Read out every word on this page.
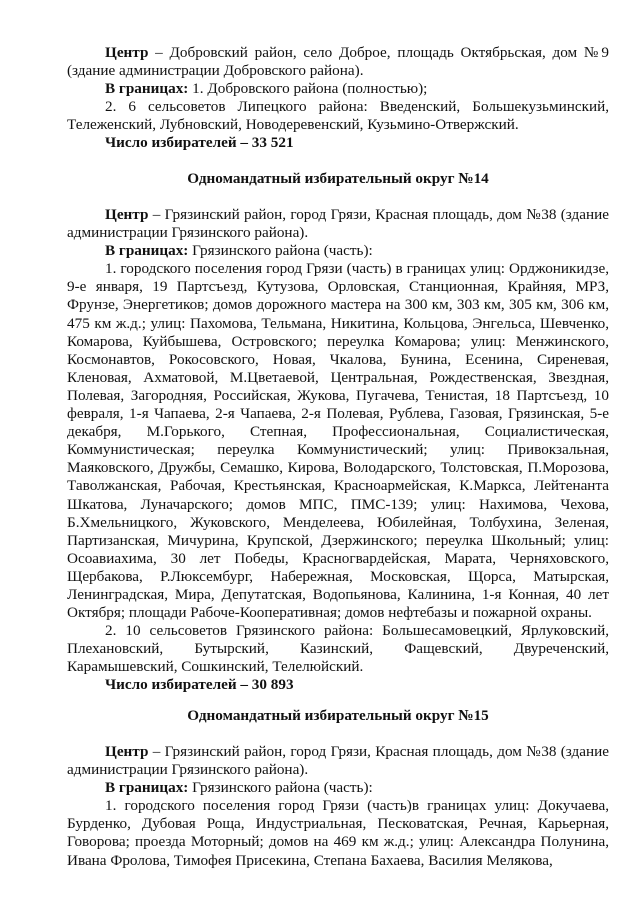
Центр – Добровский район, село Доброе, площадь Октябрьская, дом №9 (здание администрации Добровского района).

В границах: 1. Добровского района (полностью);

2. 6 сельсоветов Липецкого района: Введенский, Большекузьминский, Тележенский, Лубновский, Новодеревенский, Кузьмино-Отвержский.

Число избирателей – 33 521

Одномандатный избирательный округ №14

Центр – Грязинский район, город Грязи, Красная площадь, дом №38 (здание администрации Грязинского района).

В границах: Грязинского района (часть):

1. городского поселения город Грязи (часть) в границах улиц: Орджоникидзе, 9-е января, 19 Партсъезд, Кутузова, Орловская, Станционная, Крайняя, МРЗ, Фрунзе, Энергетиков; домов дорожного мастера на 300 км, 303 км, 305 км, 306 км, 475 км ж.д.; улиц: Пахомова, Тельмана, Никитина, Кольцова, Энгельса, Шевченко, Комарова, Куйбышева, Островского; переулка Комарова; улиц: Менжинского, Космонавтов, Рокосовского, Новая, Чкалова, Бунина, Есенина, Сиреневая, Кленовая, Ахматовой, М.Цветаевой, Центральная, Рождественская, Звездная, Полевая, Загородняя, Российская, Жукова, Пугачева, Тенистая, 18 Партсъезд, 10 февраля, 1-я Чапаева, 2-я Чапаева, 2-я Полевая, Рублева, Газовая, Грязинская, 5-е декабря, М.Горького, Степная, Профессиональная, Социалистическая, Коммунистическая; переулка Коммунистический; улиц: Привокзальная, Маяковского, Дружбы, Семашко, Кирова, Володарского, Толстовская, П.Морозова, Таволжанская, Рабочая, Крестьянская, Красноармейская, К.Маркса, Лейтенанта Шкатова, Луначарского; домов МПС, ПМС-139; улиц: Нахимова, Чехова, Б.Хмельницкого, Жуковского, Менделеева, Юбилейная, Толбухина, Зеленая, Партизанская, Мичурина, Крупской, Дзержинского; переулка Школьный; улиц: Осоавиахима, 30 лет Победы, Красногвардейская, Марата, Черняховского, Щербакова, Р.Люксембург, Набережная, Московская, Щорса, Матырская, Ленинградская, Мира, Депутатская, Водопьянова, Калинина, 1-я Конная, 40 лет Октября; площади Рабоче-Кооперативная; домов нефтебазы и пожарной охраны.

2. 10 сельсоветов Грязинского района: Большесамовецкий, Ярлуковский, Плехановский, Бутырский, Казинский, Фащевский, Двуреченский, Карамышевский, Сошкинский, Телелюйский.

Число избирателей – 30 893

Одномандатный избирательный округ №15

Центр – Грязинский район, город Грязи, Красная площадь, дом №38 (здание администрации Грязинского района).

В границах: Грязинского района (часть):

1. городского поселения город Грязи (часть)в границах улиц: Докучаева, Бурденко, Дубовая Роща, Индустриальная, Песковатская, Речная, Карьерная, Говорова; проезда Моторный; домов на 469 км ж.д.; улиц: Александра Полунина, Ивана Фролова, Тимофея Присекина, Степана Бахаева, Василия Мелякова,
